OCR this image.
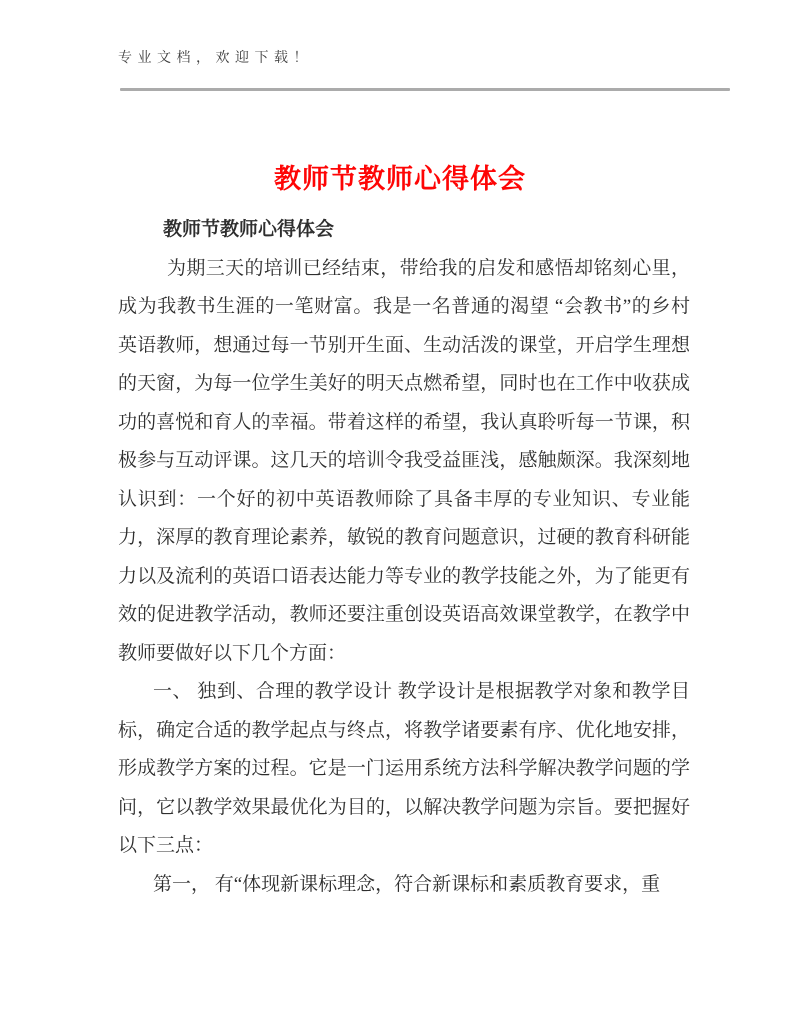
专业文档，欢迎下载！
教师节教师心得体会
教师节教师心得体会

为期三天的培训已经结束，带给我的启发和感悟却铭刻心里，成为我教书生涯的一笔财富。我是一名普通的渴望 “会教书”的乡村英语教师，想通过每一节别开生面、生动活泼的课堂，开启学生理想的天窗，为每一位学生美好的明天点燃希望，同时也在工作中收获成功的喜悦和育人的幸福。带着这样的希望，我认真聆听每一节课，积极参与互动评课。这几天的培训令我受益匪浅，感触颇深。我深刻地认识到：一个好的初中英语教师除了具备丰厚的专业知识、专业能力，深厚的教育理论素养，敏锐的教育问题意识，过硬的教育科研能力以及流利的英语口语表达能力等专业的教学技能之外，为了能更有效的促进教学活动，教师还要注重创设英语高效课堂教学，在教学中教师要做好以下几个方面：

一、 独到、合理的教学设计 教学设计是根据教学对象和教学目标，确定合适的教学起点与终点，将教学诸要素有序、优化地安排，形成教学方案的过程。它是一门运用系统方法科学解决教学问题的学问，它以教学效果最优化为目的，以解决教学问题为宗旨。要把握好以下三点：

第一， 有“体现新课标理念，符合新课标和素质教育要求，重
